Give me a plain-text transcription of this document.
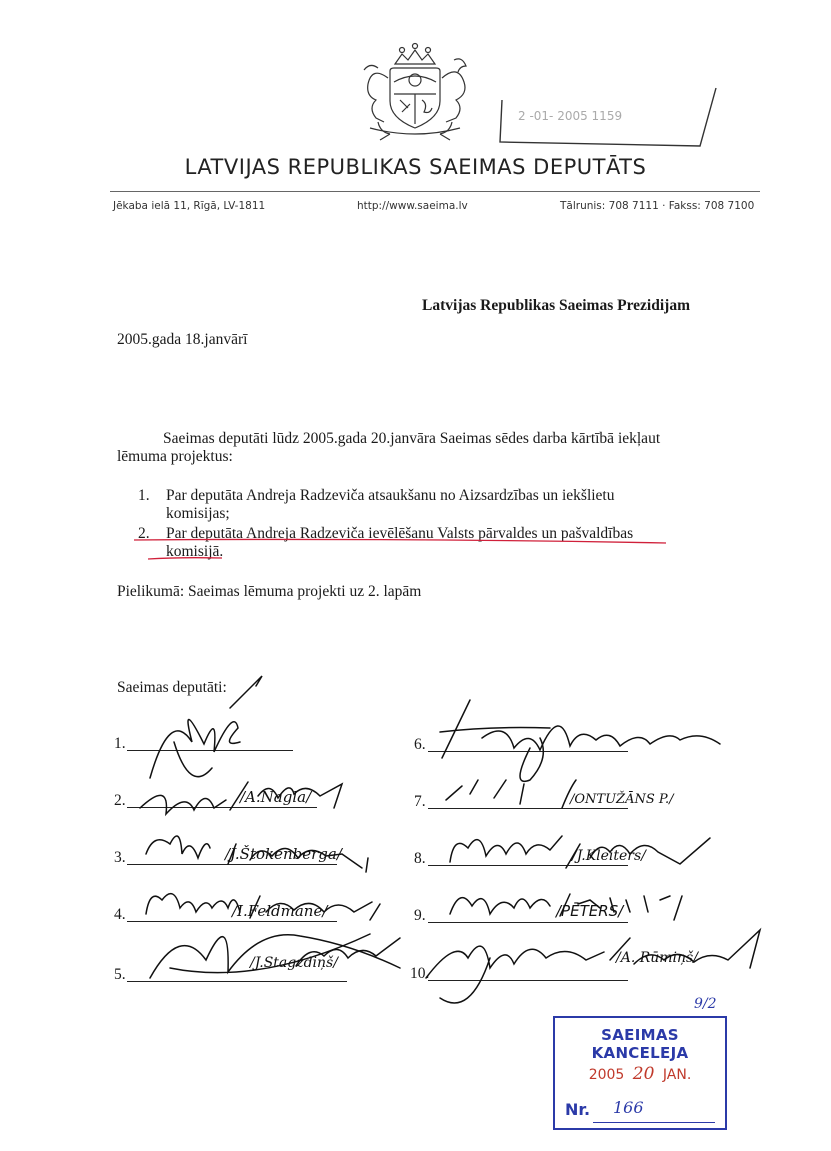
2 -01- 2005 1159
LATVIJAS REPUBLIKAS SAEIMAS DEPUTĀTS
Jēkaba ielā 11, Rīgā, LV-1811	http://www.saeima.lv	Tālrunis: 708 7111 · Fakss: 708 7100
Latvijas Republikas Saeimas Prezidijam
2005.gada 18.janvārī
Saeimas deputāti lūdz 2005.gada 20.janvāra Saeimas sēdes darba kārtībā iekļaut lēmuma projektus:
1. Par deputāta Andreja Radzeviča atsaukšanu no Aizsardzības un iekšlietu
komisijas;
2. Par deputāta Andreja Radzeviča ievēlēšanu Valsts pārvaldes un pašvaldības
komisijā.
Pielikumā: Saeimas lēmuma projekti uz 2. lapām
Saeimas deputāti:
1.
2.
3.
4.
5.
6.
7.
8.
9.
10.
/A.Nagla/
/J.Štokenberga/
/I.Feldmane/
/J.Stagzdiņš/
/ONTUŽĀNS P./
/J.Kleiters/
/PĒTERS/
/A. Rūmiņš/
9/2
SAEIMAS KANCELEJA
2005 20 JAN.
Nr. 166
